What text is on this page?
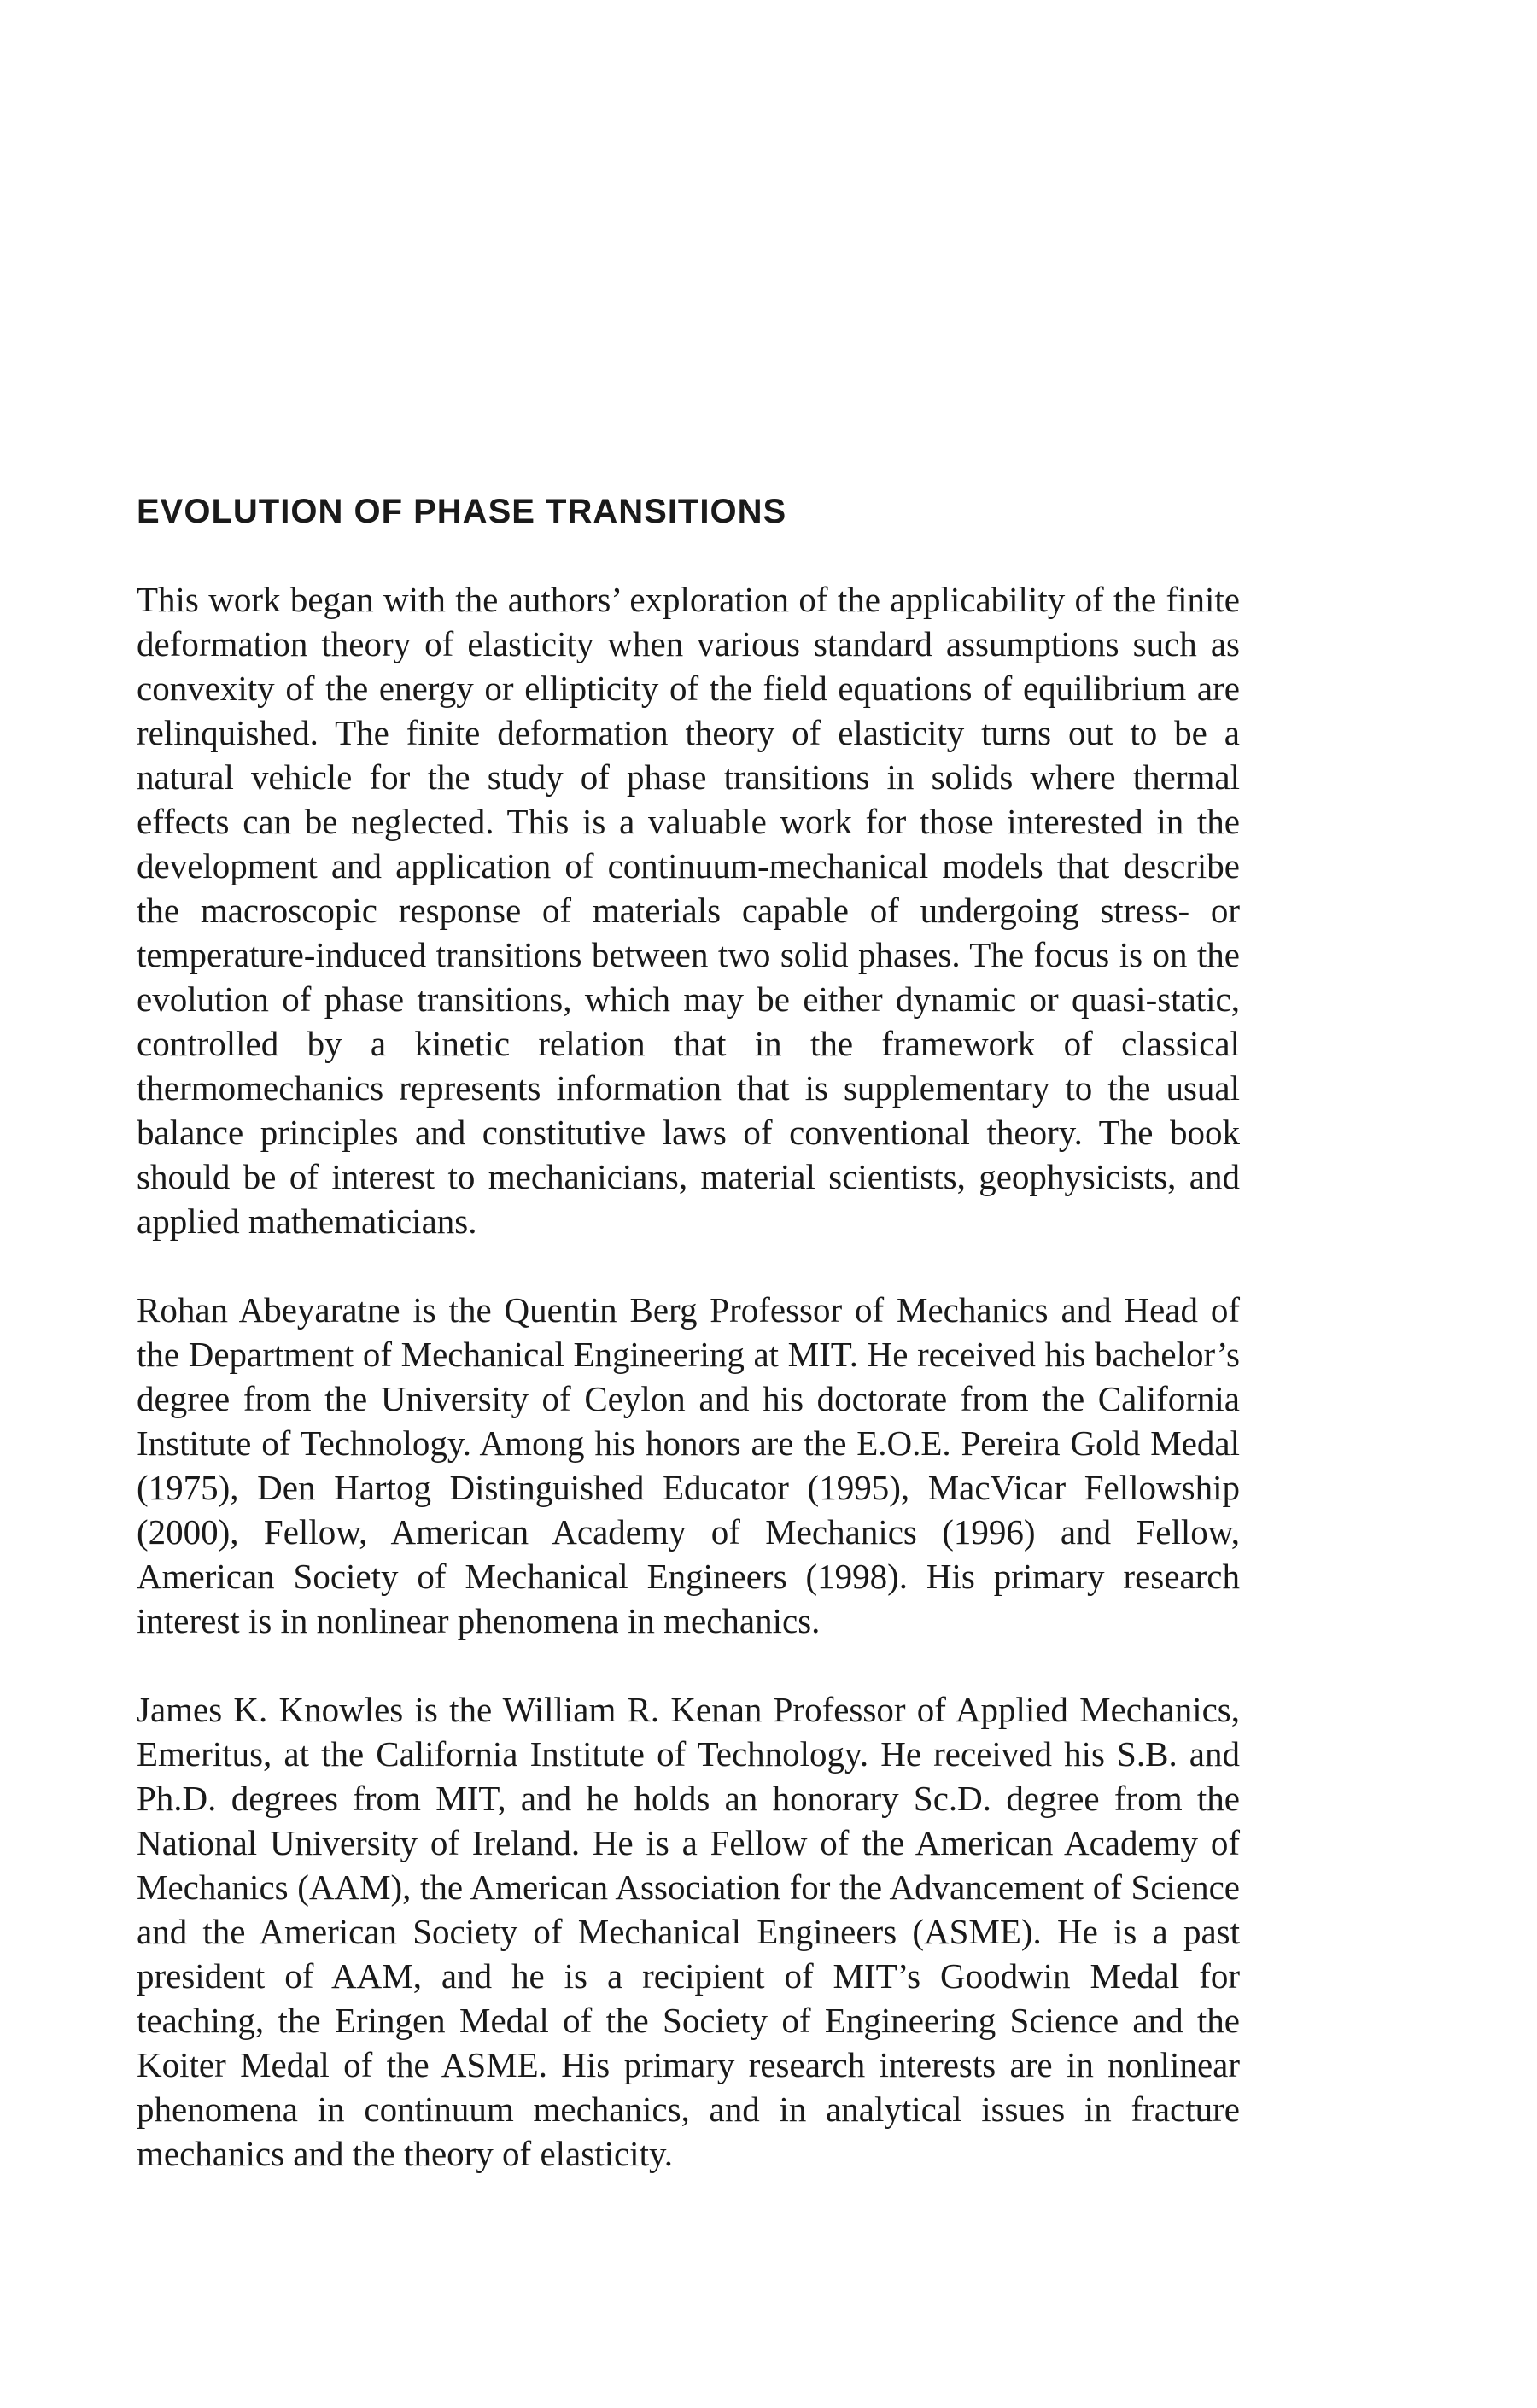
EVOLUTION OF PHASE TRANSITIONS

This work began with the authors’ exploration of the applicability of the finite deformation theory of elasticity when various standard assumptions such as convexity of the energy or ellipticity of the field equations of equilibrium are relinquished. The finite deformation theory of elasticity turns out to be a natural vehicle for the study of phase transitions in solids where thermal effects can be neglected. This is a valuable work for those interested in the development and application of continuum-mechanical models that describe the macroscopic response of materials capable of undergoing stress- or temperature-induced transitions between two solid phases. The focus is on the evolution of phase transitions, which may be either dynamic or quasi-static, controlled by a kinetic relation that in the framework of classical thermomechanics represents information that is supplementary to the usual balance principles and constitutive laws of conventional theory. The book should be of interest to mechanicians, material scientists, geophysicists, and applied mathematicians.

Rohan Abeyaratne is the Quentin Berg Professor of Mechanics and Head of the Department of Mechanical Engineering at MIT. He received his bachelor’s degree from the University of Ceylon and his doctorate from the California Institute of Technology. Among his honors are the E.O.E. Pereira Gold Medal (1975), Den Hartog Distinguished Educator (1995), MacVicar Fellowship (2000), Fellow, American Academy of Mechanics (1996) and Fellow, American Society of Mechanical Engineers (1998). His primary research interest is in nonlinear phenomena in mechanics.

James K. Knowles is the William R. Kenan Professor of Applied Mechanics, Emeritus, at the California Institute of Technology. He received his S.B. and Ph.D. degrees from MIT, and he holds an honorary Sc.D. degree from the National University of Ireland. He is a Fellow of the American Academy of Mechanics (AAM), the American Association for the Advancement of Science and the American Society of Mechanical Engineers (ASME). He is a past president of AAM, and he is a recipient of MIT’s Goodwin Medal for teaching, the Eringen Medal of the Society of Engineering Science and the Koiter Medal of the ASME. His primary research interests are in nonlinear phenomena in continuum mechanics, and in analytical issues in fracture mechanics and the theory of elasticity.
